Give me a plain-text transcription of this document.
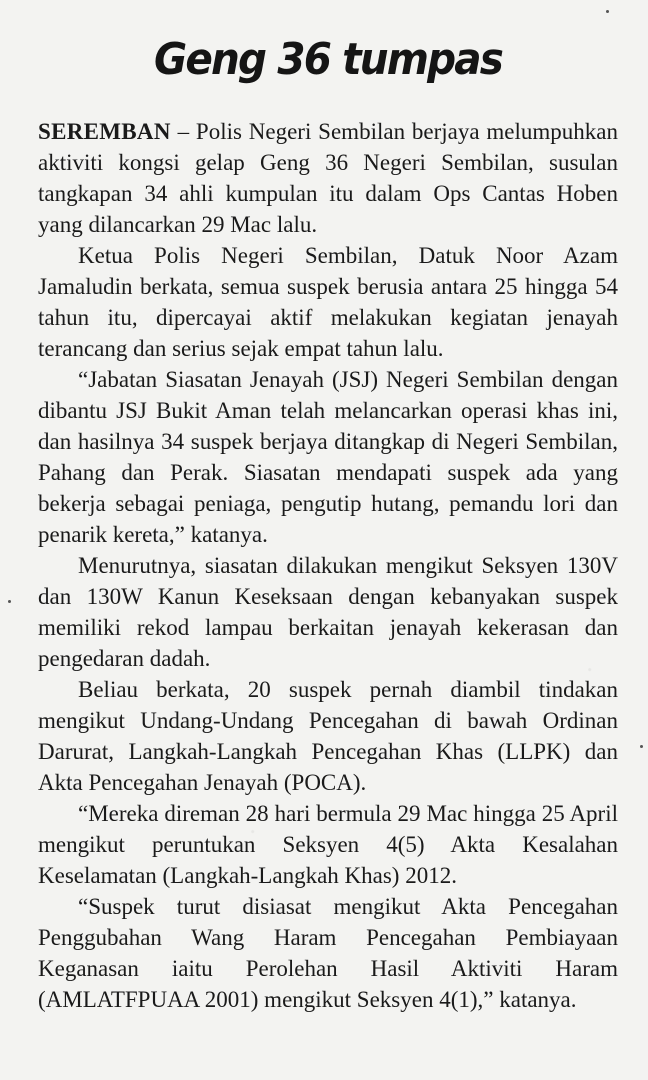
Geng 36 tumpas

SEREMBAN – Polis Negeri Sembilan berjaya melumpuhkan aktiviti kongsi gelap Geng 36 Negeri Sembilan, susulan tangkapan 34 ahli kumpulan itu dalam Ops Cantas Hoben yang dilancarkan 29 Mac lalu.

Ketua Polis Negeri Sembilan, Datuk Noor Azam Jamaludin berkata, semua suspek berusia antara 25 hingga 54 tahun itu, dipercayai aktif melakukan kegiatan jenayah terancang dan serius sejak empat tahun lalu.

“Jabatan Siasatan Jenayah (JSJ) Negeri Sembilan dengan dibantu JSJ Bukit Aman telah melancarkan operasi khas ini, dan hasilnya 34 suspek berjaya ditangkap di Negeri Sembilan, Pahang dan Perak. Siasatan mendapati suspek ada yang bekerja sebagai peniaga, pengutip hutang, pemandu lori dan penarik kereta,” katanya.

Menurutnya, siasatan dilakukan mengikut Seksyen 130V dan 130W Kanun Keseksaan dengan kebanyakan suspek memiliki rekod lampau berkaitan jenayah kekerasan dan pengedaran dadah.

Beliau berkata, 20 suspek pernah diambil tindakan mengikut Undang-Undang Pencegahan di bawah Ordinan Darurat, Langkah-Langkah Pencegahan Khas (LLPK) dan Akta Pencegahan Jenayah (POCA).

“Mereka direman 28 hari bermula 29 Mac hingga 25 April mengikut peruntukan Seksyen 4(5) Akta Kesalahan Keselamatan (Langkah-Langkah Khas) 2012.

“Suspek turut disiasat mengikut Akta Pencegahan Penggubahan Wang Haram Pencegahan Pembiayaan Keganasan iaitu Perolehan Hasil Aktiviti Haram (AMLATFPUAA 2001) mengikut Seksyen 4(1),” katanya.
